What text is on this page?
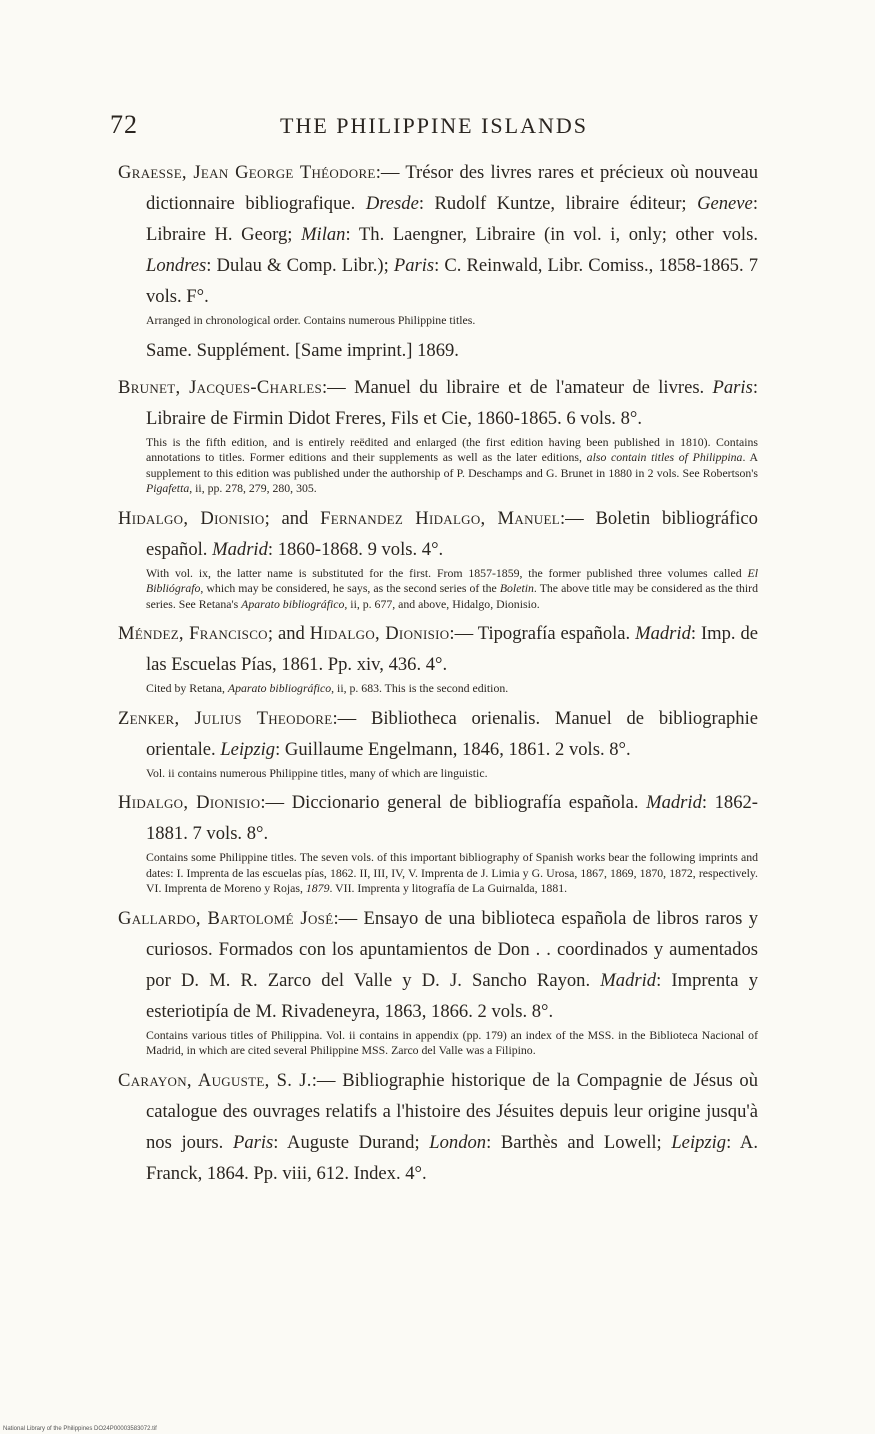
72	THE PHILIPPINE ISLANDS

Graesse, Jean George Théodore:— Trésor des livres rares et précieux où nouveau dictionnaire bibliografique. Dresde: Rudolf Kuntze, libraire éditeur; Geneve: Libraire H. Georg; Milan: Th. Laengner, Libraire (in vol. i, only; other vols. Londres: Dulau & Comp. Libr.); Paris: C. Reinwald, Libr. Comiss., 1858-1865. 7 vols. F°.

Arranged in chronological order. Contains numerous Philippine titles.

Same. Supplément. [Same imprint.] 1869.

Brunet, Jacques-Charles:— Manuel du libraire et de l'amateur de livres. Paris: Libraire de Firmin Didot Freres, Fils et Cie, 1860-1865. 6 vols. 8°.

This is the fifth edition, and is entirely reëdited and enlarged (the first edition having been published in 1810). Contains annotations to titles. Former editions and their supplements as well as the later editions, also contain titles of Philippina. A supplement to this edition was published under the authorship of P. Deschamps and G. Brunet in 1880 in 2 vols. See Robertson's Pigafetta, ii, pp. 278, 279, 280, 305.

Hidalgo, Dionisio; and Fernandez Hidalgo, Manuel:— Boletin bibliográfico español. Madrid: 1860-1868. 9 vols. 4°.

With vol. ix, the latter name is substituted for the first. From 1857-1859, the former published three volumes called El Bibliógrafo, which may be considered, he says, as the second series of the Boletin. The above title may be considered as the third series. See Retana's Aparato bibliográfico, ii, p. 677, and above, Hidalgo, Dionisio.

Méndez, Francisco; and Hidalgo, Dionisio:— Tipografía española. Madrid: Imp. de las Escuelas Pías, 1861. Pp. xiv, 436. 4°.

Cited by Retana, Aparato bibliográfico, ii, p. 683. This is the second edition.

Zenker, Julius Theodore:— Bibliotheca orienalis. Manuel de bibliographie orientale. Leipzig: Guillaume Engelmann, 1846, 1861. 2 vols. 8°.

Vol. ii contains numerous Philippine titles, many of which are linguistic.

Hidalgo, Dionisio:— Diccionario general de bibliografía española. Madrid: 1862-1881. 7 vols. 8°.

Contains some Philippine titles. The seven vols. of this important bibliography of Spanish works bear the following imprints and dates: I. Imprenta de las escuelas pías, 1862. II, III, IV, V. Imprenta de J. Limia y G. Urosa, 1867, 1869, 1870, 1872, respectively. VI. Imprenta de Moreno y Rojas, 1879. VII. Imprenta y litografía de La Guirnalda, 1881.

Gallardo, Bartolomé José:— Ensayo de una biblioteca española de libros raros y curiosos. Formados con los apuntamientos de Don . . coordinados y aumentados por D. M. R. Zarco del Valle y D. J. Sancho Rayon. Madrid: Imprenta y esteriotipía de M. Rivadeneyra, 1863, 1866. 2 vols. 8°.

Contains various titles of Philippina. Vol. ii contains in appendix (pp. 179) an index of the MSS. in the Biblioteca Nacional of Madrid, in which are cited several Philippine MSS. Zarco del Valle was a Filipino.

Carayon, Auguste, S. J.:— Bibliographie historique de la Compagnie de Jésus où catalogue des ouvrages relatifs a l'histoire des Jésuites depuis leur origine jusqu'à nos jours. Paris: Auguste Durand; London: Barthès and Lowell; Leipzig: A. Franck, 1864. Pp. viii, 612. Index. 4°.

National Library of the Philippines DO24P00003583072.tif
